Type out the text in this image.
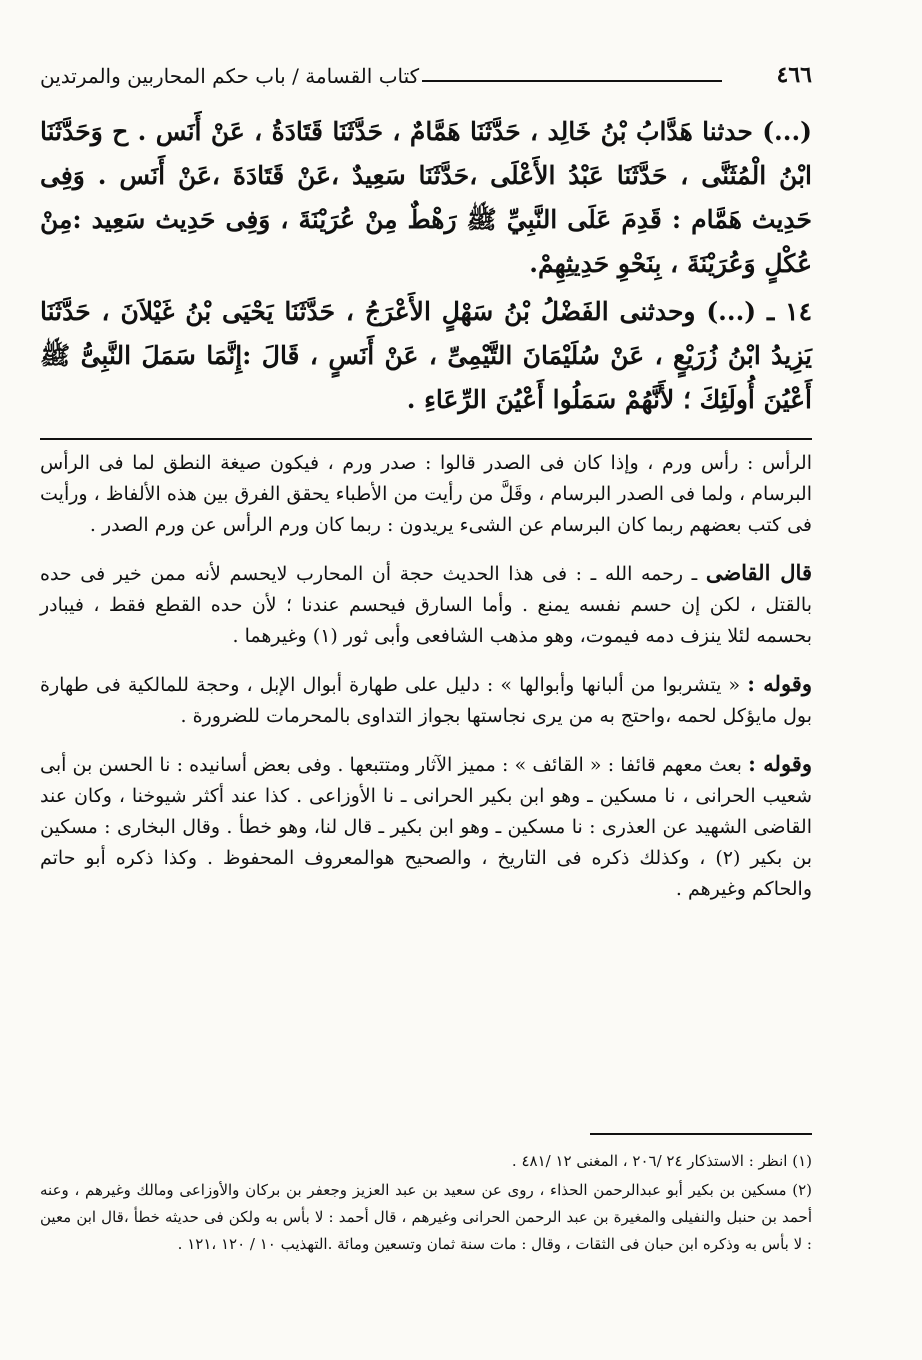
٤٦٦
كتاب القسامة / باب حكم المحاربين والمرتدين

(...) حدثنا هَدَّابُ بْنُ خَالِد ، حَدَّثَنَا هَمَّامٌ ، حَدَّثَنَا قَتَادَةُ ، عَنْ أَنَس . ح وَحَدَّثَنَا ابْنُ الْمُثَنَّى ، حَدَّثَنَا عَبْدُ الأَعْلَى ،حَدَّثَنَا سَعِيدٌ ،عَنْ قَتَادَةَ ،عَنْ أَنَس . وَفِى حَدِيث هَمَّام : قَدِمَ عَلَى النَّبِيِّ ﷺ رَهْطٌ مِنْ عُرَيْنَةَ ، وَفِى حَدِيث سَعِيد :مِنْ عُكْلٍ وَعُرَيْنَةَ ، بِنَحْوِ حَدِيثِهِمْ.

١٤ ـ (...) وحدثنى الفَضْلُ بْنُ سَهْلٍ الأَعْرَجُ ، حَدَّثَنَا يَحْيَى بْنُ غَيْلاَنَ ، حَدَّثَنَا يَزِيدُ ابْنُ زُرَيْعٍ ، عَنْ سُلَيْمَانَ التَّيْمِىِّ ، عَنْ أَنَسٍ ، قَالَ :إِنَّمَا سَمَلَ النَّبِىُّ ﷺ أَعْيُنَ أُولَئِكَ ؛ لأَنَّهُمْ سَمَلُوا أَعْيُنَ الرِّعَاءِ .

الرأس : رأس ورم ، وإذا كان فى الصدر قالوا : صدر ورم ، فيكون صيغة النطق لما فى الرأس البرسام ، ولما فى الصدر البرسام ، وقَلَّ من رأيت من الأطباء يحقق الفرق بين هذه الألفاظ ، ورأيت فى كتب بعضهم ربما كان البرسام عن الشىء يريدون : ربما كان ورم الرأس عن ورم الصدر .

قال القاضى ـ رحمه الله ـ : فى هذا الحديث حجة أن المحارب لايحسم لأنه ممن خير فى حده بالقتل ، لكن إن حسم نفسه يمنع . وأما السارق فيحسم عندنا ؛ لأن حده القطع فقط ، فيبادر بحسمه لئلا ينزف دمه فيموت، وهو مذهب الشافعى وأبى ثور (١) وغيرهما .

وقوله : « يتشربوا من ألبانها وأبوالها » : دليل على طهارة أبوال الإبل ، وحجة للمالكية فى طهارة بول مايؤكل لحمه ،واحتج به من يرى نجاستها بجواز التداوى بالمحرمات للضرورة .

وقوله : بعث معهم قائفا : « القائف » : مميز الآثار ومتتبعها . وفى بعض أسانيده : نا الحسن بن أبى شعيب الحرانى ، نا مسكين ـ وهو ابن بكير الحرانى ـ نا الأوزاعى . كذا عند أكثر شيوخنا ، وكان عند القاضى الشهيد عن العذرى : نا مسكين ـ وهو ابن بكير ـ قال لنا، وهو خطأ . وقال البخارى : مسكين بن بكير (٢) ، وكذلك ذكره فى التاريخ ، والصحيح هوالمعروف المحفوظ . وكذا ذكره أبو حاتم والحاكم وغيرهم .

(١) انظر : الاستذكار ٢٤ /٢٠٦ ، المغنى ١٢ /٤٨١ .

(٢) مسكين بن بكير أبو عبدالرحمن الحذاء ، روى عن سعيد بن عبد العزيز وجعفر بن بركان والأوزاعى ومالك وغيرهم ، وعنه أحمد بن حنبل والنفيلى والمغيرة بن عبد الرحمن الحرانى وغيرهم ، قال أحمد : لا بأس به ولكن فى حديثه خطأ ،قال ابن معين : لا بأس به وذكره ابن حبان فى الثقات ، وقال : مات سنة ثمان وتسعين ومائة .التهذيب ١٠ / ١٢٠ ،١٢١ .
